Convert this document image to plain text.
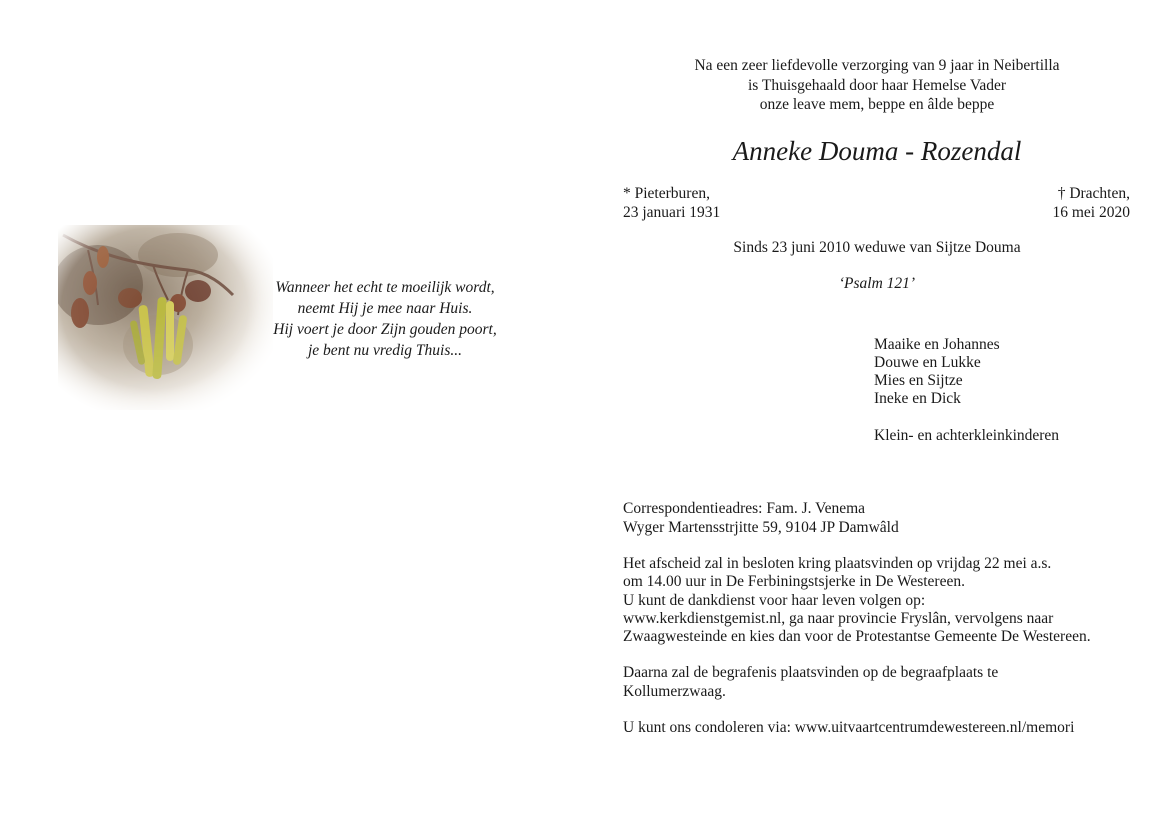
Wanneer het echt te moeilijk wordt,
neemt Hij je mee naar Huis.
Hij voert je door Zijn gouden poort,
je bent nu vredig Thuis...
Na een zeer liefdevolle verzorging van 9 jaar in Neibertilla
is Thuisgehaald door haar Hemelse Vader
onze leave mem, beppe en âlde beppe
Anneke Douma - Rozendal
* Pieterburen,
23 januari 1931
† Drachten,
16 mei 2020
Sinds 23 juni 2010 weduwe van Sijtze Douma
‘Psalm 121’
Maaike en Johannes
Douwe en Lukke
Mies en Sijtze
Ineke en Dick
Klein- en achterkleinkinderen
Correspondentieadres: Fam. J. Venema
Wyger Martensstrjitte 59, 9104 JP Damwâld
Het afscheid zal in besloten kring plaatsvinden op vrijdag 22 mei a.s.
om 14.00 uur in De Ferbiningstsjerke in De Westereen.
U kunt de dankdienst voor haar leven volgen op:
www.kerkdienstgemist.nl, ga naar provincie Fryslân, vervolgens naar
Zwaagwesteinde en kies dan voor de Protestantse Gemeente De Westereen.
Daarna zal de begrafenis plaatsvinden op de begraafplaats te
Kollumerzwaag.
U kunt ons condoleren via: www.uitvaartcentrumdewestereen.nl/memori
